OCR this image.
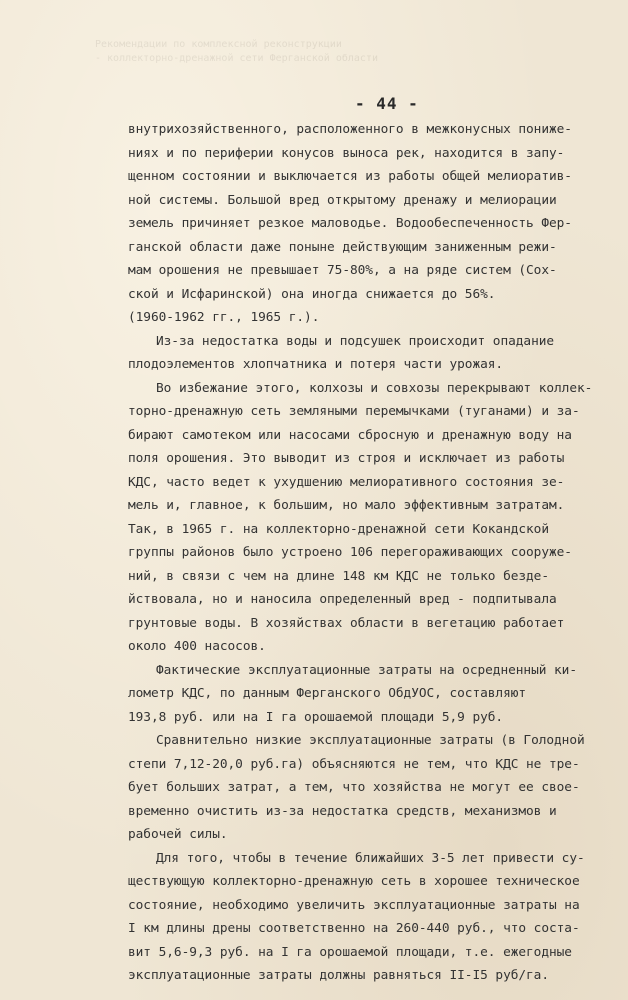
Рекомендации по комплексной реконструкции
- коллекторно-дренажной сети Ферганской области
- 44 -
внутрихозяйственного, расположенного в межконусных пониже-
ниях и по периферии конусов выноса рек, находится в запу-
щенном состоянии и выключается из работы общей мелиоратив-
ной системы. Большой вред открытому дренажу и мелиорации
земель причиняет резкое маловодье. Водообеспеченность Фер-
ганской области даже поныне действующим заниженным режи-
мам орошения не превышает 75-80%, а на ряде систем (Сох-
ской и Исфаринской) она иногда снижается до 56%.
(1960-1962 гг., 1965 г.).
Из-за недостатка воды и подсушек происходит опадание
плодоэлементов хлопчатника и потеря части урожая.
Во избежание этого, колхозы и совхозы перекрывают коллек-
торно-дренажную сеть земляными перемычками (туганами) и за-
бирают самотеком или насосами сбросную и дренажную воду на
поля орошения. Это выводит из строя и исключает из работы
КДС, часто ведет к ухудшению мелиоративного состояния зе-
мель и, главное, к большим, но мало эффективным затратам.
Так, в 1965 г. на коллекторно-дренажной сети Кокандской
группы районов было устроено 106 перегораживающих сооруже-
ний, в связи с чем на длине 148 км КДС не только безде-
йствовала, но и наносила определенный вред - подпитывала
грунтовые воды. В хозяйствах области в вегетацию работает
около 400 насосов.
Фактические эксплуатационные затраты на осредненный ки-
лометр КДС, по данным Ферганского ОбдУОС, составляют
193,8 руб. или на I га орошаемой площади 5,9 руб.
Сравнительно низкие эксплуатационные затраты (в Голодной
степи 7,12-20,0 руб.га) объясняются не тем, что КДС не тре-
бует больших затрат, а тем, что хозяйства не могут ее свое-
временно очистить из-за недостатка средств, механизмов и
рабочей силы.
Для того, чтобы в течение ближайших 3-5 лет привести су-
ществующую коллекторно-дренажную сеть в хорошее техническое
состояние, необходимо увеличить эксплуатационные затраты на
I км длины дрены соответственно на 260-440 руб., что соста-
вит 5,6-9,3 руб. на I га орошаемой площади, т.е. ежегодные
эксплуатационные затраты должны равняться II-I5 руб/га.
